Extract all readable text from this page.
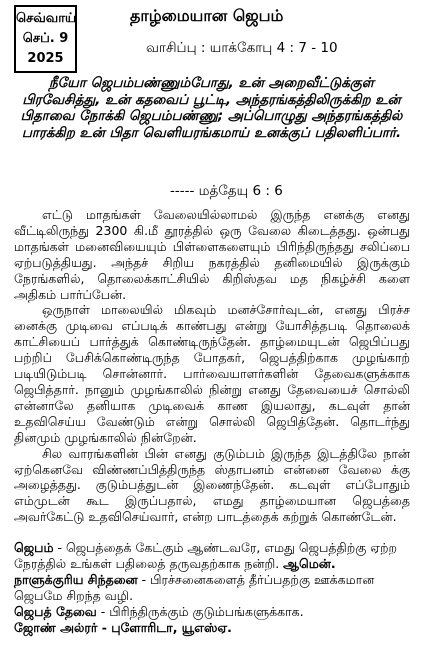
செவ்வாய்
செப். 9
2025
தாழ்மையான ஜெபம்
வாசிப்பு : யாக்கோபு 4 : 7 - 10
நீயோ ஜெபம்பண்ணும்போது, உன் அறைவீட்டுக்குள் பிரவேசித்து, உன் கதவைப் பூட்டி, அந்தரங்கத்திலிருக்கிற உன் பிதாவை நோக்கி ஜெபம்பண்ணு; அப்பொழுது அந்தரங்கத்தில் பாரக்கிற உன் பிதா வெளியரங்கமாய் உனக்குப் பதிலளிப்பார்.
----- மத்தேயு 6 : 6

எட்டு மாதங்கள் வேலையில்லாமல் இருந்த எனக்கு எனது வீட்டிலிருந்து 2300 கி.மீ தூரத்தில் ஒரு வேலை கிடைத்தது. ஒன்பது மாதங்கள் மனைவியையும் பிள்ளைகளையும் பிரிந்திருந்தது சலிப்பை ஏற்படுத்தியது. அந்தச் சிறிய நகரத்தில் தனிமையில் இருக்கும் நேரங்களில், தொலைக்காட்சியில் கிறிஸ்தவ மத நிகழ்ச்சி களை அதிகம் பார்ப்பேன்.

ஒருநாள் மாலையில் மிகவும் மனச்சோர்வுடன், எனது பிரச்ச னைக்கு முடிவை எப்படிக் காண்பது என்று யோசித்தபடி தொலைக் காட்சியைப் பார்த்துக் கொண்டிருந்தேன். தாழ்மையுடன் ஜெபிப்பது பற்றிப் பேசிக்கொண்டிருந்த போதகர், ஜெபத்திற்காக முழங்காற் படியிடும்படி சொன்னார். பார்வையாளர்களின் தேவைகளுக்காக ஜெபித்தார். நானும் முழங்காலில் நின்று எனது தேவையைச் சொல்லி என்னாலே தனியாக முடிவைக் காண இயலாது, கடவுள் தான் உதவிசெய்ய வேண்டும் என்று சொல்லி ஜெபித்தேன். தொடர்ந்து தினமும் முழங்காலில் நின்றேன்.

சில வாரங்களின் பின் எனது குடும்பம் இருந்த இடத்திலே நான் ஏற்கெனவே விண்ணப்பித்திருந்த ஸ்தாபனம் என்னை வேலை க்கு அழைத்தது. குடும்பத்துடன் இணைந்தேன். கடவுள் எப்போதும் எம்முடன் கூட இருப்பதால், எமது தாழ்மையான ஜெபத்தை அவர்கேட்டு உதவிசெய்வார், என்ற பாடத்தைக் கற்றுக் கொண்டேன்.

ஜெபம் - ஜெபத்தைக் கேட்கும் ஆண்டவரே, எமது ஜெபத்திற்கு ஏற்ற நேரத்தில் உங்கள் பதிலைத் தருவதற்காக நன்றி. ஆமென்.

நாளுக்குரிய சிந்தனை - பிரச்சனைகளைத் தீர்ப்பதற்கு ஊக்கமான ஜெபமே சிறந்த வழி.

ஜெபத் தேவை - பிரிந்திருக்கும் குடும்பங்களுக்காக.

ஜோண் அல்ரர் - புளோரிடா, யூஎஸ்ஏ.
